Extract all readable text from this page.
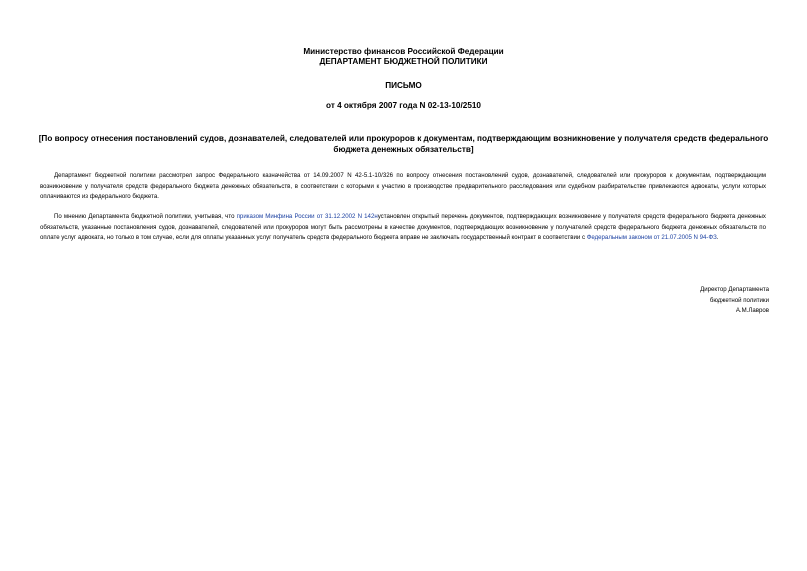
Министерство финансов Российской Федерации
ДЕПАРТАМЕНТ БЮДЖЕТНОЙ ПОЛИТИКИ
ПИСЬМО
от 4 октября 2007 года N 02-13-10/2510
[По вопросу отнесения постановлений судов, дознавателей, следователей или прокуроров к документам, подтверждающим возникновение у получателя средств федерального бюджета денежных обязательств]

Департамент бюджетной политики рассмотрел запрос Федерального казначейства от 14.09.2007 N 42-5.1-10/326 по вопросу отнесения постановлений судов, дознавателей, следователей или прокуроров к документам, подтверждающим возникновение у получателя средств федерального бюджета денежных обязательств, в соответствии с которыми к участию в производстве предварительного расследования или судебном разбирательстве привлекаются адвокаты, услуги которых оплачиваются из федерального бюджета.

По мнению Департамента бюджетной политики, учитывая, что приказом Минфина России от 31.12.2002 N 142нустановлен открытый перечень документов, подтверждающих возникновение у получателя средств федерального бюджета денежных обязательств, указанные постановления судов, дознавателей, следователей или прокуроров могут быть рассмотрены в качестве документов, подтверждающих возникновение у получателей средств федерального бюджета денежных обязательств по оплате услуг адвоката, но только в том случае, если для оплаты указанных услуг получатель средств федерального бюджета вправе не заключать государственный контракт в соответствии с Федеральным законом от 21.07.2005 N 94-ФЗ.

Директор Департамента
бюджетной политики
А.М.Лавров
